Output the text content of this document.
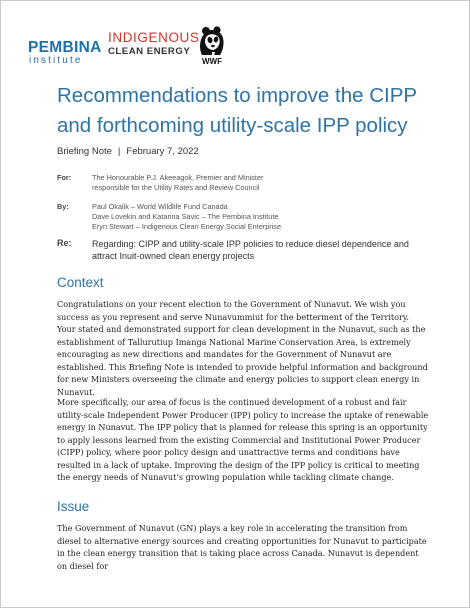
PEMBINA
institute
INDIGENOUS
CLEAN ENERGY
WWF
Recommendations to improve the CIPP and forthcoming utility-scale IPP policy
Briefing Note | February 7, 2022
For:	The Honourable P.J. Akeeagok, Premier and Minister
responsible for the Utility Rates and Review Council
By:	Paul Okalik – World Wildlife Fund Canada
Dave Lovekin and Katarina Savic – The Pembina Institute
Eryn Stewart – Indigenous Clean Energy Social Enterprise
Re: Regarding: CIPP and utility-scale IPP policies to reduce diesel dependence and attract Inuit-owned clean energy projects
Context

Congratulations on your recent election to the Government of Nunavut. We wish you success as you represent and serve Nunavummiut for the betterment of the Territory. Your stated and demonstrated support for clean development in the Nunavut, such as the establishment of Tallurutiup Imanga National Marine Conservation Area, is extremely encouraging as new directions and mandates for the Government of Nunavut are established. This Briefing Note is intended to provide helpful information and background for new Ministers overseeing the climate and energy policies to support clean energy in Nunavut.

More specifically, our area of focus is the continued development of a robust and fair utility-scale Independent Power Producer (IPP) policy to increase the uptake of renewable energy in Nunavut. The IPP policy that is planned for release this spring is an opportunity to apply lessons learned from the existing Commercial and Institutional Power Producer (CIPP) policy, where poor policy design and unattractive terms and conditions have resulted in a lack of uptake. Improving the design of the IPP policy is critical to meeting the energy needs of Nunavut’s growing population while tackling climate change.

Issue

The Government of Nunavut (GN) plays a key role in accelerating the transition from diesel to alternative energy sources and creating opportunities for Nunavut to participate in the clean energy transition that is taking place across Canada. Nunavut is dependent on diesel for
